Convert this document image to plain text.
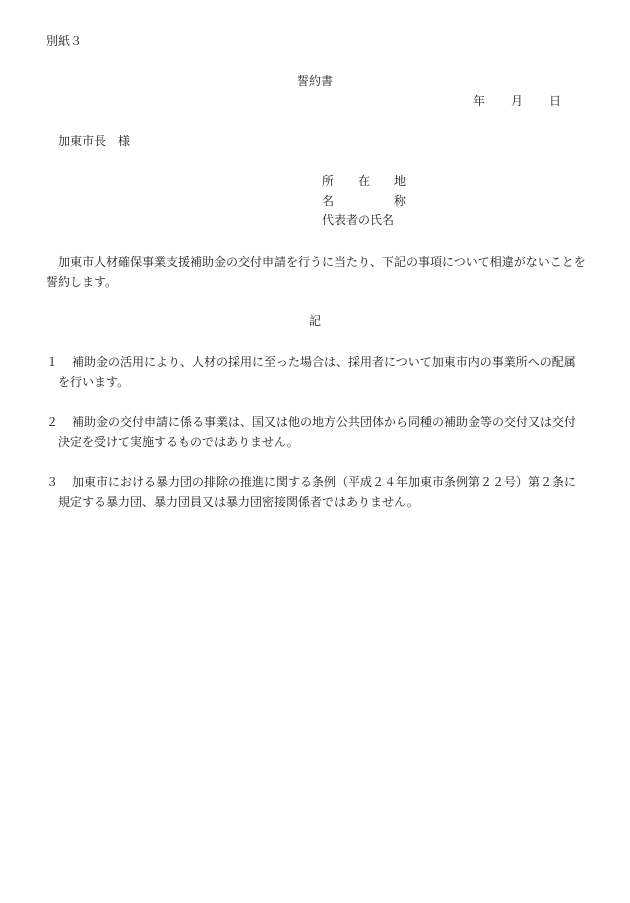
別紙３
誓約書
年 月 日
加東市長　様
所　　在　　地
名　　　　　称
代表者の氏名
加東市人材確保事業支援補助金の交付申請を行うに当たり、下記の事項について相違がないことを誓約します。
記
１	補助金の活用により、人材の採用に至った場合は、採用者について加東市内の事業所への配属を行います。
２	補助金の交付申請に係る事業は、国又は他の地方公共団体から同種の補助金等の交付又は交付決定を受けて実施するものではありません。
３	加東市における暴力団の排除の推進に関する条例（平成２４年加東市条例第２２号）第２条に規定する暴力団、暴力団員又は暴力団密接関係者ではありません。
